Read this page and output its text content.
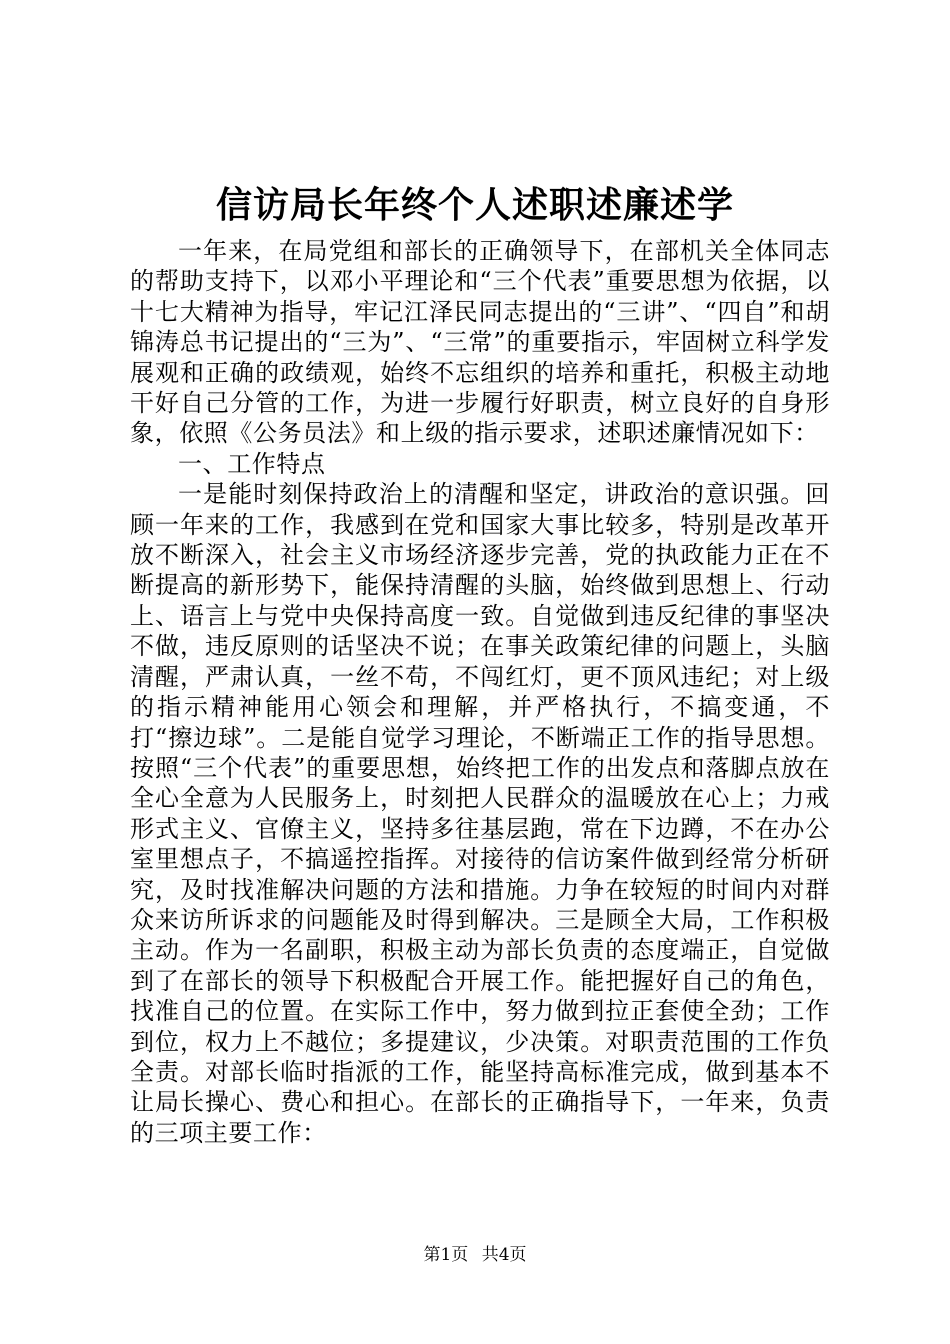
信访局长年终个人述职述廉述学

一年来，在局党组和部长的正确领导下，在部机关全体同志的帮助支持下，以邓小平理论和“三个代表”重要思想为依据，以十七大精神为指导，牢记江泽民同志提出的“三讲”、“四自”和胡锦涛总书记提出的“三为”、“三常”的重要指示，牢固树立科学发展观和正确的政绩观，始终不忘组织的培养和重托，积极主动地干好自己分管的工作，为进一步履行好职责，树立良好的自身形象，依照《公务员法》和上级的指示要求，述职述廉情况如下：

一、工作特点

一是能时刻保持政治上的清醒和坚定，讲政治的意识强。回顾一年来的工作，我感到在党和国家大事比较多，特别是改革开放不断深入，社会主义市场经济逐步完善，党的执政能力正在不断提高的新形势下，能保持清醒的头脑，始终做到思想上、行动上、语言上与党中央保持高度一致。自觉做到违反纪律的事坚决不做，违反原则的话坚决不说；在事关政策纪律的问题上，头脑清醒，严肃认真，一丝不苟，不闯红灯，更不顶风违纪；对上级的指示精神能用心领会和理解，并严格执行，不搞变通，不打“擦边球”。二是能自觉学习理论，不断端正工作的指导思想。按照“三个代表”的重要思想，始终把工作的出发点和落脚点放在全心全意为人民服务上，时刻把人民群众的温暖放在心上；力戒形式主义、官僚主义，坚持多往基层跑，常在下边蹲，不在办公室里想点子，不搞遥控指挥。对接待的信访案件做到经常分析研究，及时找准解决问题的方法和措施。力争在较短的时间内对群众来访所诉求的问题能及时得到解决。三是顾全大局，工作积极主动。作为一名副职，积极主动为部长负责的态度端正，自觉做到了在部长的领导下积极配合开展工作。能把握好自己的角色，找准自己的位置。在实际工作中，努力做到拉正套使全劲；工作到位，权力上不越位；多提建议，少决策。对职责范围的工作负全责。对部长临时指派的工作，能坚持高标准完成，做到基本不让局长操心、费心和担心。在部长的正确指导下，一年来，负责的三项主要工作：

第1页 共4页
